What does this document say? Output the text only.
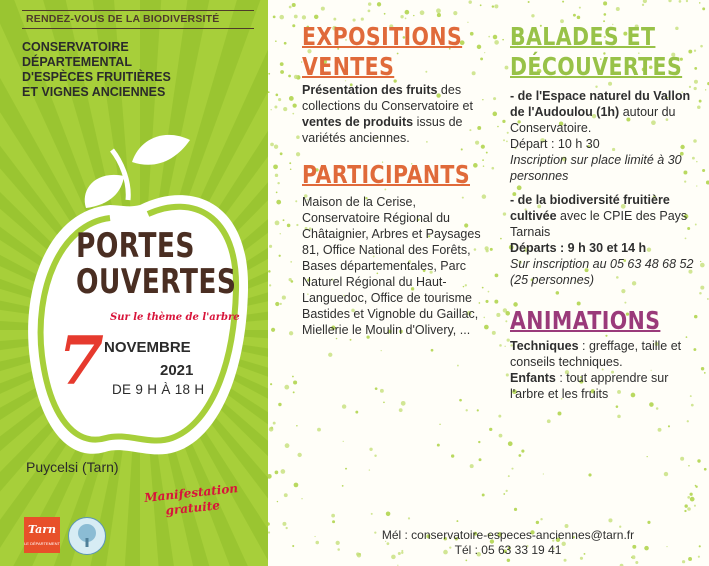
RENDEZ-VOUS DE LA BIODIVERSITÉ
CONSERVATOIRE
DÉPARTEMENTAL
D'ESPÈCES FRUITIÈRES
ET VIGNES ANCIENNES
PORTES
OUVERTES
Sur le thème de l'arbre
7 NOVEMBRE
2021
DE 9 H À 18 H
Puycelsi (Tarn)
Manifestation
gratuite
Tarn
LE DÉPARTEMENT
EXPOSITIONS
VENTES

Présentation des fruits des collections du Conservatoire et ventes de produits issus de variétés anciennes.

PARTICIPANTS

Maison de la Cerise, Conservatoire Régional du Châtaignier, Arbres et Paysages 81, Office National des Forêts, Bases départementales, Parc Naturel Régional du Haut-Languedoc, Office de tourisme Bastides et Vignoble du Gaillac, Miellerie le Moulin d'Olivery, ...

BALADES ET
DÉCOUVERTES

- de l'Espace naturel du Vallon de l'Audoulou (1h) autour du Conservatoire.

Départ : 10 h 30

Inscription sur place limité à 30 personnes

- de la biodiversité fruitière cultivée avec le CPIE des Pays Tarnais

Départs : 9 h 30 et 14 h

Sur inscription au 05 63 48 68 52 (25 personnes)

ANIMATIONS

Techniques : greffage, taille et conseils techniques.

Enfants : tout apprendre sur l'arbre et les fruits

Mél : conservatoire-especes-anciennes@tarn.fr
Tél : 05 63 33 19 41
